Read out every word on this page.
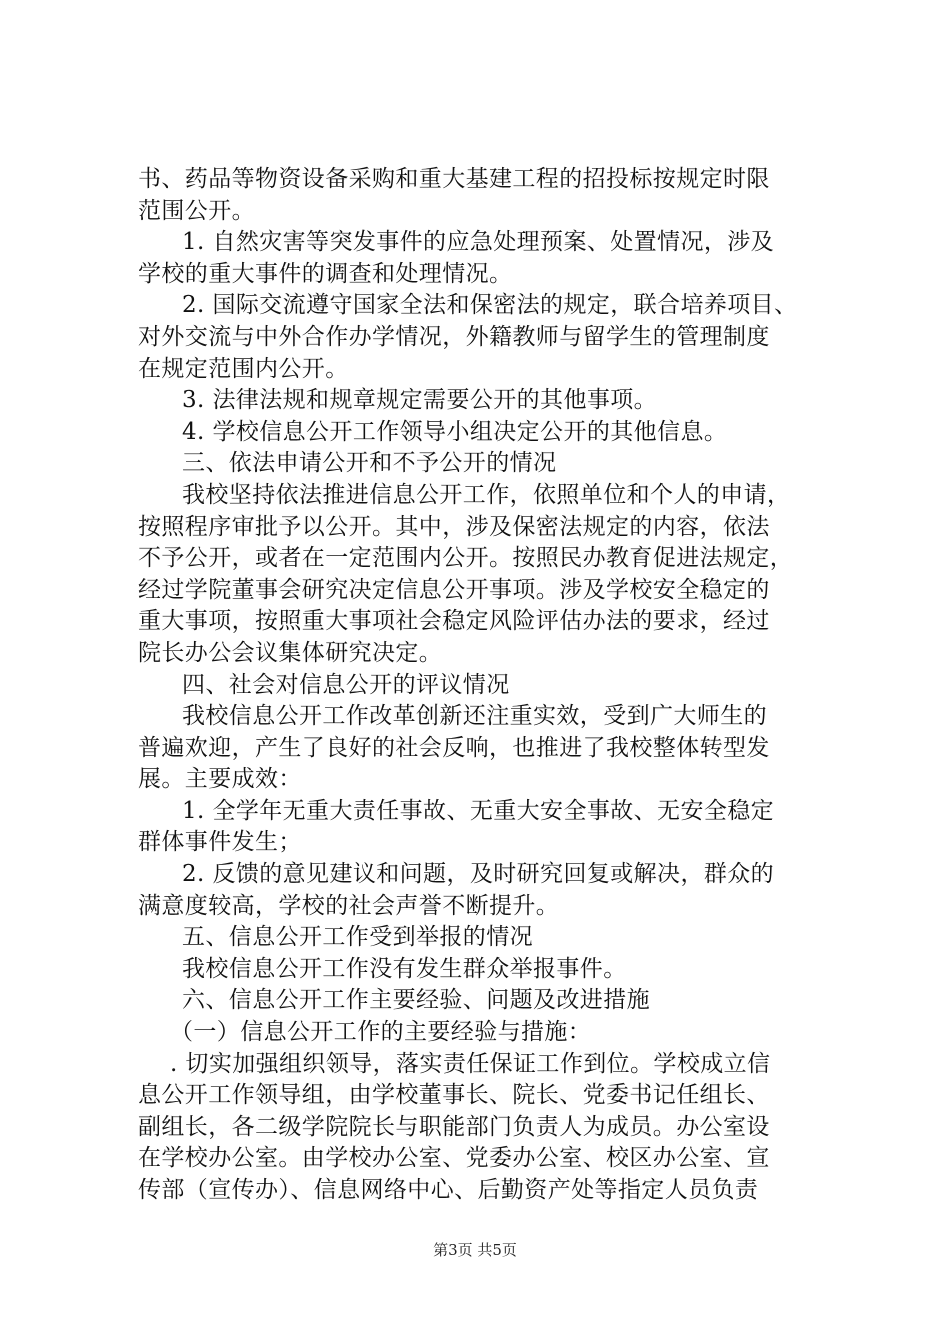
书、药品等物资设备采购和重大基建工程的招投标按规定时限
范围公开。
1. 自然灾害等突发事件的应急处理预案、处置情况，涉及
学校的重大事件的调查和处理情况。
2. 国际交流遵守国家全法和保密法的规定，联合培养项目、
对外交流与中外合作办学情况，外籍教师与留学生的管理制度
在规定范围内公开。
3. 法律法规和规章规定需要公开的其他事项。
4. 学校信息公开工作领导小组决定公开的其他信息。
三、依法申请公开和不予公开的情况
我校坚持依法推进信息公开工作，依照单位和个人的申请，
按照程序审批予以公开。其中，涉及保密法规定的内容，依法
不予公开，或者在一定范围内公开。按照民办教育促进法规定，
经过学院董事会研究决定信息公开事项。涉及学校安全稳定的
重大事项，按照重大事项社会稳定风险评估办法的要求，经过
院长办公会议集体研究决定。
四、社会对信息公开的评议情况
我校信息公开工作改革创新还注重实效，受到广大师生的
普遍欢迎，产生了良好的社会反响，也推进了我校整体转型发
展。主要成效：
1. 全学年无重大责任事故、无重大安全事故、无安全稳定
群体事件发生；
2. 反馈的意见建议和问题，及时研究回复或解决，群众的
满意度较高，学校的社会声誉不断提升。
五、信息公开工作受到举报的情况
我校信息公开工作没有发生群众举报事件。
六、信息公开工作主要经验、问题及改进措施
（一）信息公开工作的主要经验与措施：
. 切实加强组织领导，落实责任保证工作到位。学校成立信
息公开工作领导组，由学校董事长、院长、党委书记任组长、
副组长，各二级学院院长与职能部门负责人为成员。办公室设
在学校办公室。由学校办公室、党委办公室、校区办公室、宣
传部（宣传办）、信息网络中心、后勤资产处等指定人员负责
第3页 共5页
